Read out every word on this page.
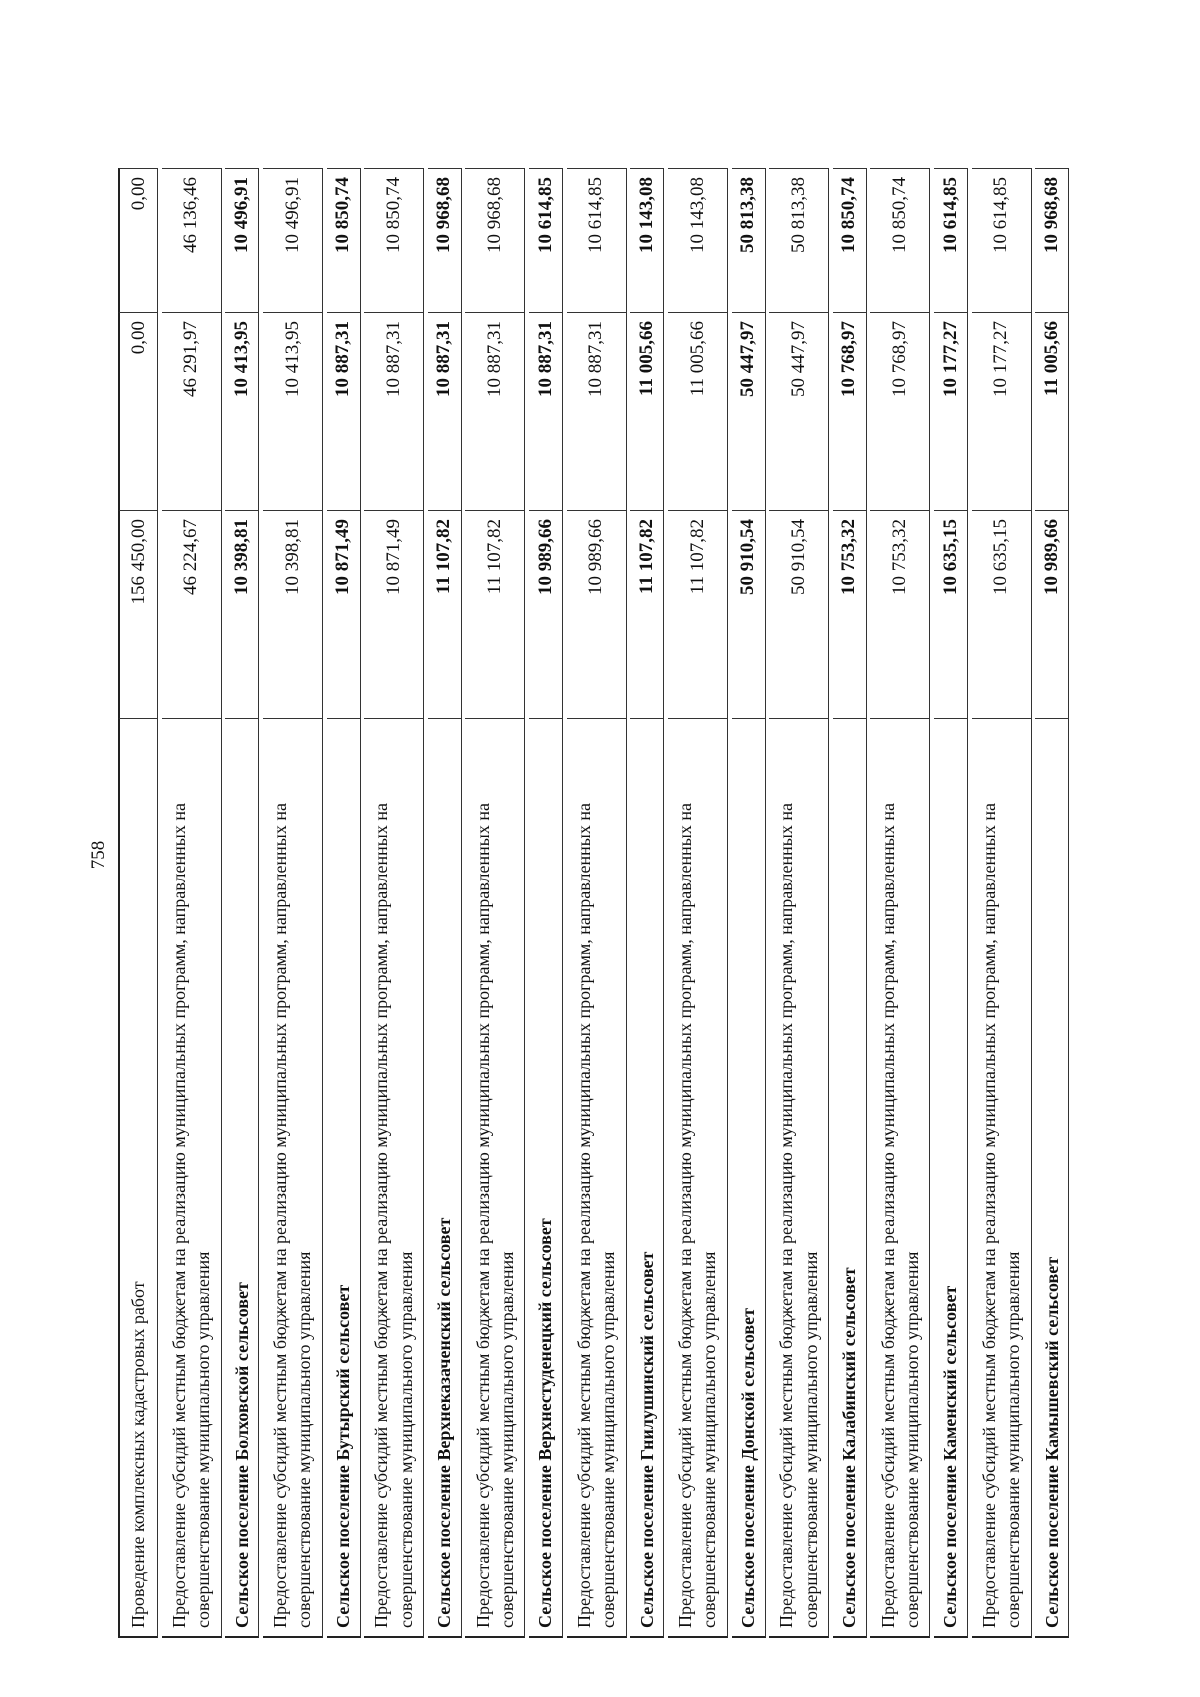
758
Проведение комплексных кадастровых работ
156 450,00
0,00
0,00
Предоставление субсидий местным бюджетам на реализацию муниципальных программ, направленных на совершенствование муниципального управления
46 224,67
46 291,97
46 136,46
Сельское поселение Болховской сельсовет
10 398,81
10 413,95
10 496,91
Предоставление субсидий местным бюджетам на реализацию муниципальных программ, направленных на совершенствование муниципального управления
10 398,81
10 413,95
10 496,91
Сельское поселение Бутырский сельсовет
10 871,49
10 887,31
10 850,74
Предоставление субсидий местным бюджетам на реализацию муниципальных программ, направленных на совершенствование муниципального управления
10 871,49
10 887,31
10 850,74
Сельское поселение Верхнеказаченский сельсовет
11 107,82
10 887,31
10 968,68
Предоставление субсидий местным бюджетам на реализацию муниципальных программ, направленных на совершенствование муниципального управления
11 107,82
10 887,31
10 968,68
Сельское поселение Верхнестуденецкий сельсовет
10 989,66
10 887,31
10 614,85
Предоставление субсидий местным бюджетам на реализацию муниципальных программ, направленных на совершенствование муниципального управления
10 989,66
10 887,31
10 614,85
Сельское поселение Гнилушинский сельсовет
11 107,82
11 005,66
10 143,08
Предоставление субсидий местным бюджетам на реализацию муниципальных программ, направленных на совершенствование муниципального управления
11 107,82
11 005,66
10 143,08
Сельское поселение Донской сельсовет
50 910,54
50 447,97
50 813,38
Предоставление субсидий местным бюджетам на реализацию муниципальных программ, направленных на совершенствование муниципального управления
50 910,54
50 447,97
50 813,38
Сельское поселение Калабинский сельсовет
10 753,32
10 768,97
10 850,74
Предоставление субсидий местным бюджетам на реализацию муниципальных программ, направленных на совершенствование муниципального управления
10 753,32
10 768,97
10 850,74
Сельское поселение Каменский сельсовет
10 635,15
10 177,27
10 614,85
Предоставление субсидий местным бюджетам на реализацию муниципальных программ, направленных на совершенствование муниципального управления
10 635,15
10 177,27
10 614,85
Сельское поселение Камышевский сельсовет
10 989,66
11 005,66
10 968,68
